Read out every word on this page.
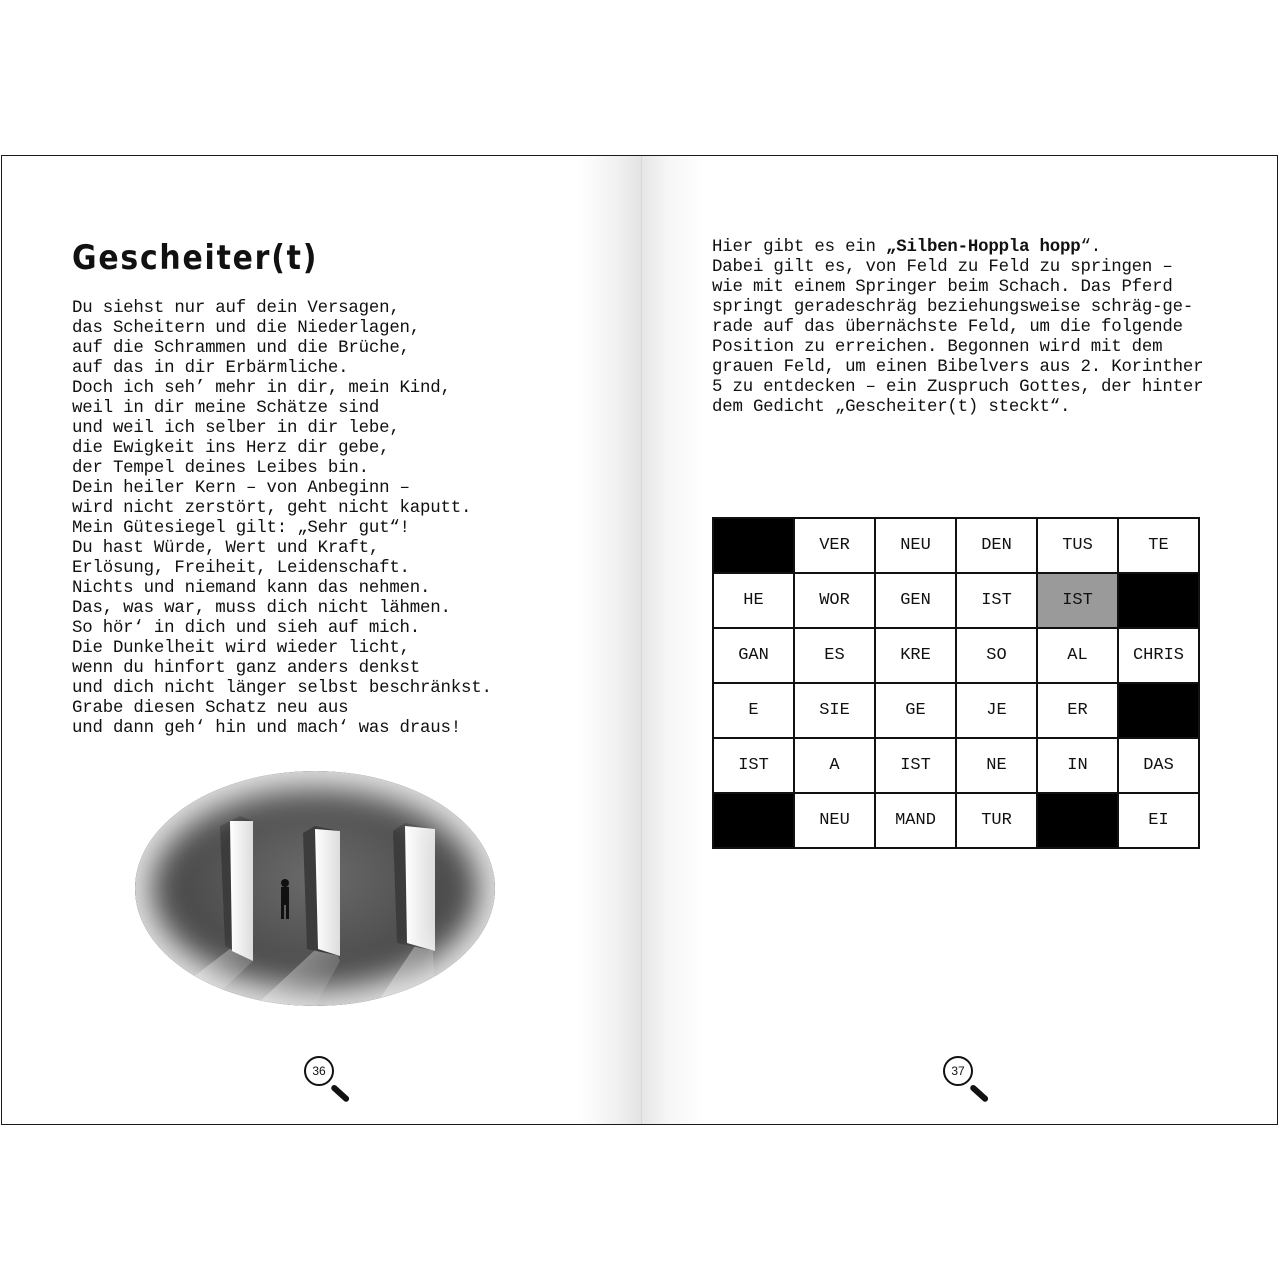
Gescheiter(t)
Du siehst nur auf dein Versagen,
das Scheitern und die Niederlagen,
auf die Schrammen und die Brüche,
auf das in dir Erbärmliche.
Doch ich seh’ mehr in dir, mein Kind,
weil in dir meine Schätze sind
und weil ich selber in dir lebe,
die Ewigkeit ins Herz dir gebe,
der Tempel deines Leibes bin.
Dein heiler Kern – von Anbeginn –
wird nicht zerstört, geht nicht kaputt.
Mein Gütesiegel gilt: „Sehr gut“!
Du hast Würde, Wert und Kraft,
Erlösung, Freiheit, Leidenschaft.
Nichts und niemand kann das nehmen.
Das, was war, muss dich nicht lähmen.
So hör‘ in dich und sieh auf mich.
Die Dunkelheit wird wieder licht,
wenn du hinfort ganz anders denkst
und dich nicht länger selbst beschränkst.
Grabe diesen Schatz neu aus
und dann geh‘ hin und mach‘ was draus!
36
Hier gibt es ein „Silben-Hoppla hopp“.
Dabei gilt es, von Feld zu Feld zu springen –
wie mit einem Springer beim Schach. Das Pferd
springt geradeschräg beziehungsweise schräg-ge-
rade auf das übernächste Feld, um die folgende
Position zu erreichen. Begonnen wird mit dem
grauen Feld, um einen Bibelvers aus 2. Korinther
5 zu entdecken – ein Zuspruch Gottes, der hinter
dem Gedicht „Gescheiter(t) steckt“.
	VER	NEU	DEN	TUS	TE
HE	WOR	GEN	IST	IST	
GAN	ES	KRE	SO	AL	CHRIS
E	SIE	GE	JE	ER	
IST	A	IST	NE	IN	DAS
	NEU	MAND	TUR		EI
37
